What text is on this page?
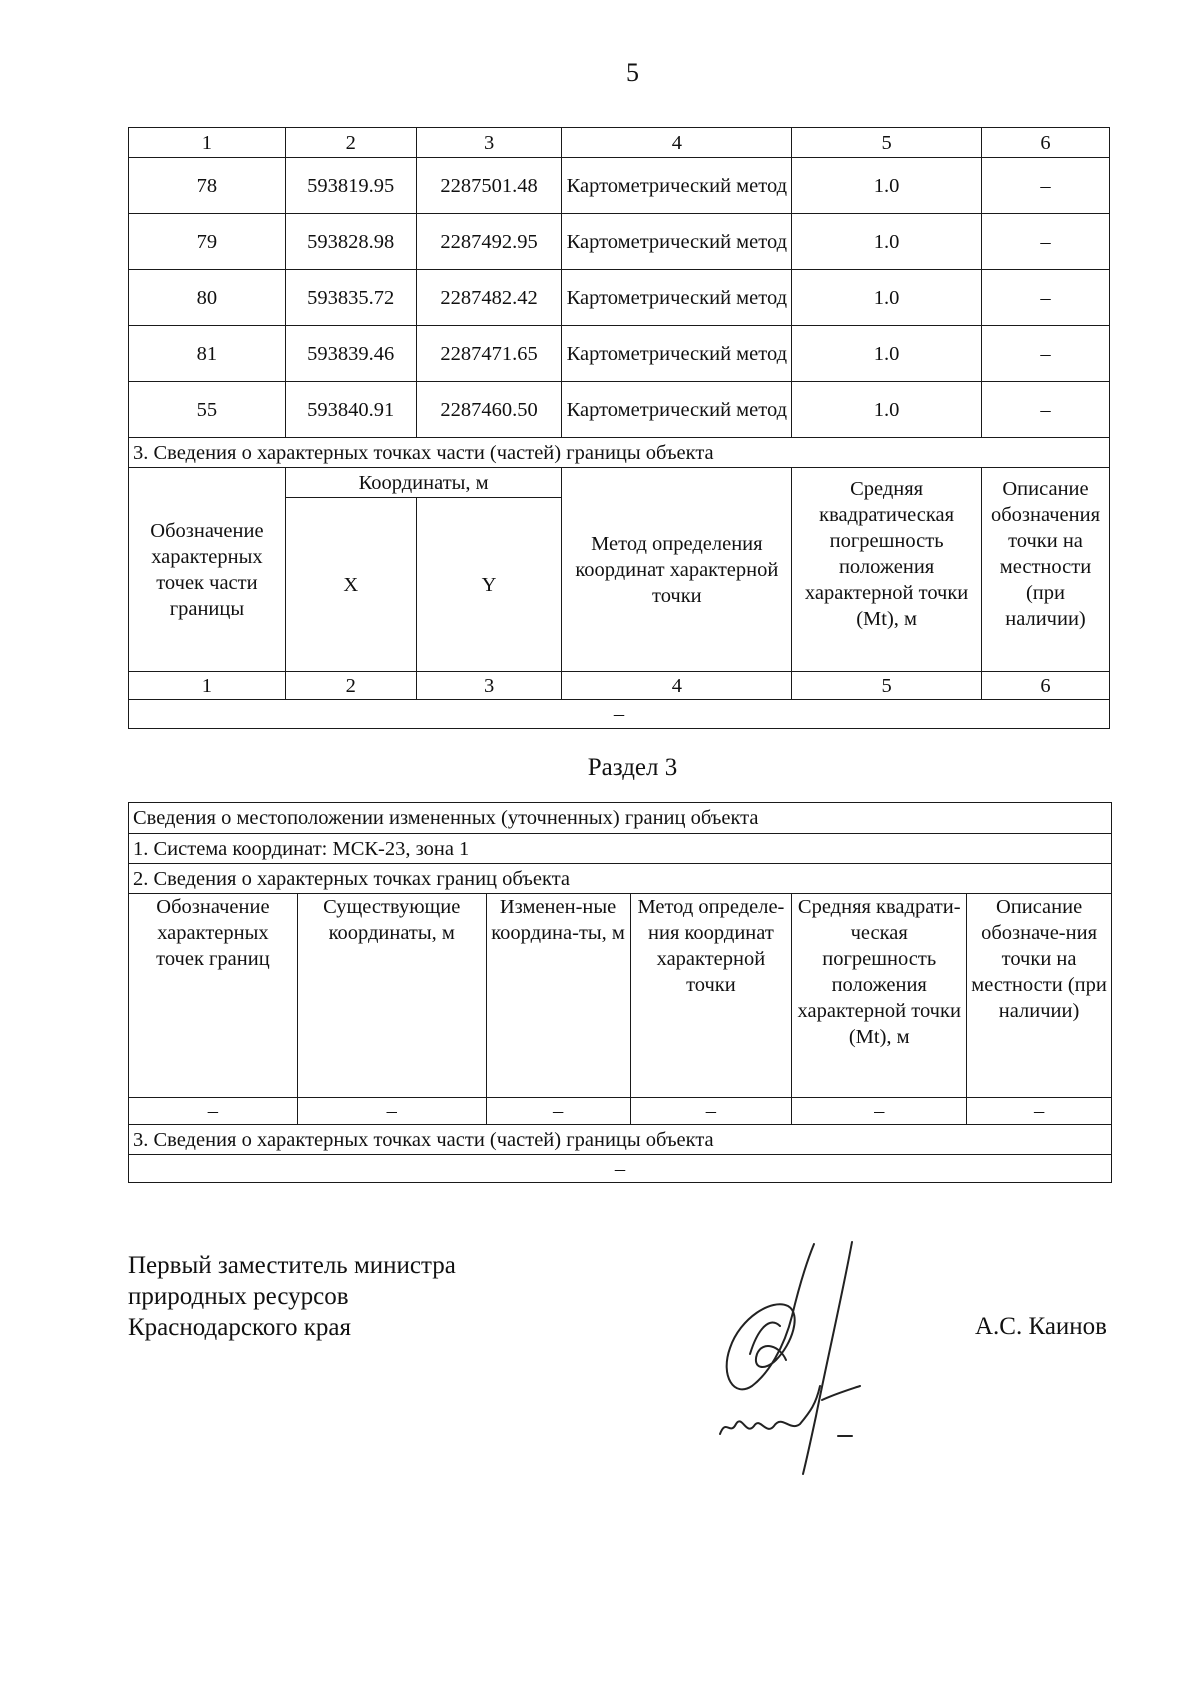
5
1	2	3	4	5	6
78	593819.95	2287501.48	Картометрический метод	1.0	–
79	593828.98	2287492.95	Картометрический метод	1.0	–
80	593835.72	2287482.42	Картометрический метод	1.0	–
81	593839.46	2287471.65	Картометрический метод	1.0	–
55	593840.91	2287460.50	Картометрический метод	1.0	–
3. Сведения о характерных точках части (частей) границы объекта					
Обозначение характерных точек части границы	Координаты, м		Метод определения координат характерной точки	Средняя квадратическая погрешность положения характерной точки (Mt), м	Описание обозначения точки на местности (при наличии)
	X	Y			
1	2	3	4	5	6
–					
Раздел 3
Сведения о местоположении измененных (уточненных) границ объекта					
1. Система координат: МСК-23, зона 1					
2. Сведения о характерных точках границ объекта					
Обозначение характерных точек границ	Существующие координаты, м	Изменен-ные координа-ты, м	Метод определе-ния координат характерной точки	Средняя квадрати-ческая погрешность положения характерной точки (Mt), м	Описание обозначе-ния точки на местности (при наличии)
–	–	–	–	–	–
3. Сведения о характерных точках части (частей) границы объекта					
–					
Первый заместитель министра
природных ресурсов
Краснодарского края	А.С. Каинов
